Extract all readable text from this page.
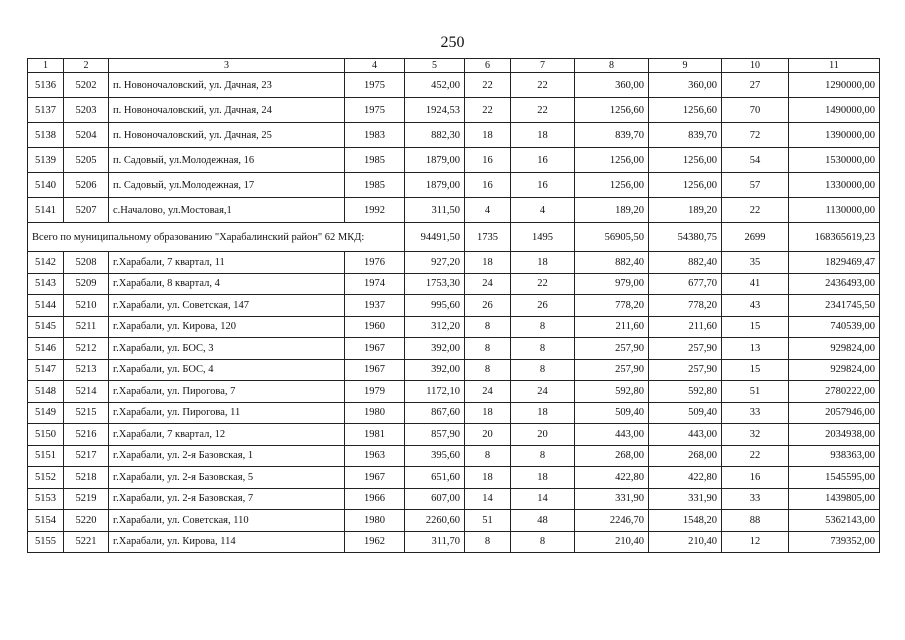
250
1	2	3	4	5	6	7	8	9	10	11
5136	5202	п. Новоночаловский, ул. Дачная, 23	1975	452,00	22	22	360,00	360,00	27	1290000,00
5137	5203	п. Новоночаловский, ул. Дачная, 24	1975	1924,53	22	22	1256,60	1256,60	70	1490000,00
5138	5204	п. Новоночаловский, ул. Дачная, 25	1983	882,30	18	18	839,70	839,70	72	1390000,00
5139	5205	п. Садовый, ул.Молодежная, 16	1985	1879,00	16	16	1256,00	1256,00	54	1530000,00
5140	5206	п. Садовый, ул.Молодежная, 17	1985	1879,00	16	16	1256,00	1256,00	57	1330000,00
5141	5207	с.Началово, ул.Мостовая,1	1992	311,50	4	4	189,20	189,20	22	1130000,00
Всего по муниципальному образованию "Харабалинский район" 62 МКД:				94491,50	1735	1495	56905,50	54380,75	2699	168365619,23
5142	5208	г.Харабали, 7 квартал, 11	1976	927,20	18	18	882,40	882,40	35	1829469,47
5143	5209	г.Харабали, 8 квартал, 4	1974	1753,30	24	22	979,00	677,70	41	2436493,00
5144	5210	г.Харабали, ул. Советская, 147	1937	995,60	26	26	778,20	778,20	43	2341745,50
5145	5211	г.Харабали, ул. Кирова, 120	1960	312,20	8	8	211,60	211,60	15	740539,00
5146	5212	г.Харабали, ул. БОС, 3	1967	392,00	8	8	257,90	257,90	13	929824,00
5147	5213	г.Харабали, ул. БОС, 4	1967	392,00	8	8	257,90	257,90	15	929824,00
5148	5214	г.Харабали, ул. Пирогова, 7	1979	1172,10	24	24	592,80	592,80	51	2780222,00
5149	5215	г.Харабали, ул. Пирогова, 11	1980	867,60	18	18	509,40	509,40	33	2057946,00
5150	5216	г.Харабали, 7 квартал, 12	1981	857,90	20	20	443,00	443,00	32	2034938,00
5151	5217	г.Харабали, ул. 2-я Базовская, 1	1963	395,60	8	8	268,00	268,00	22	938363,00
5152	5218	г.Харабали, ул. 2-я Базовская, 5	1967	651,60	18	18	422,80	422,80	16	1545595,00
5153	5219	г.Харабали, ул. 2-я Базовская, 7	1966	607,00	14	14	331,90	331,90	33	1439805,00
5154	5220	г.Харабали, ул. Советская, 110	1980	2260,60	51	48	2246,70	1548,20	88	5362143,00
5155	5221	г.Харабали, ул. Кирова, 114	1962	311,70	8	8	210,40	210,40	12	739352,00
